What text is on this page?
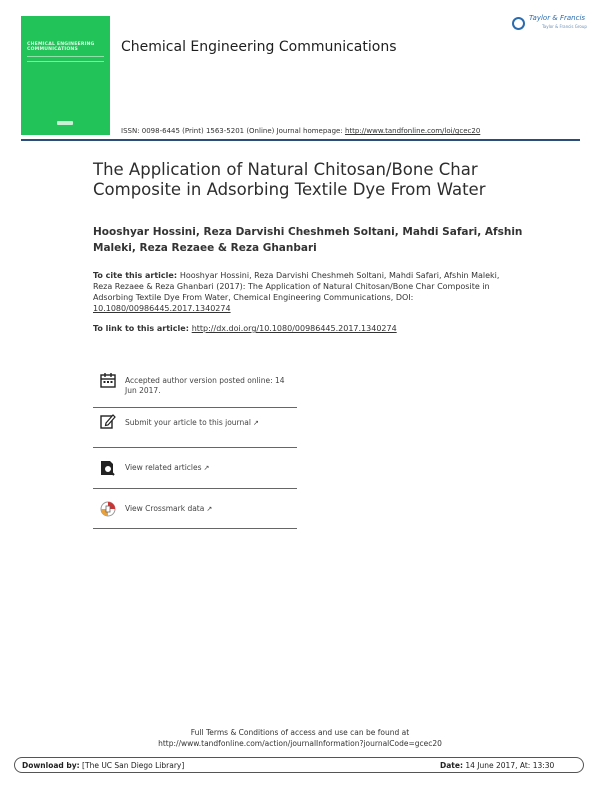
CHEMICAL ENGINEERING COMMUNICATIONS	Chemical Engineering Communications
Taylor & Francis
Taylor & Francis Group
ISSN: 0098-6445 (Print) 1563-5201 (Online) Journal homepage: http://www.tandfonline.com/loi/gcec20
The Application of Natural Chitosan/Bone Char Composite in Adsorbing Textile Dye From Water
Hooshyar Hossini, Reza Darvishi Cheshmeh Soltani, Mahdi Safari, Afshin Maleki, Reza Rezaee & Reza Ghanbari
To cite this article: Hooshyar Hossini, Reza Darvishi Cheshmeh Soltani, Mahdi Safari, Afshin Maleki, Reza Rezaee & Reza Ghanbari (2017): The Application of Natural Chitosan/Bone Char Composite in Adsorbing Textile Dye From Water, Chemical Engineering Communications, DOI: 10.1080/00986445.2017.1340274
To link to this article: http://dx.doi.org/10.1080/00986445.2017.1340274
Accepted author version posted online: 14 Jun 2017.
Submit your article to this journal ↗
View related articles ↗
View Crossmark data ↗
Full Terms & Conditions of access and use can be found at
http://www.tandfonline.com/action/journalInformation?journalCode=gcec20
Download by: [The UC San Diego Library]	Date: 14 June 2017, At: 13:30
